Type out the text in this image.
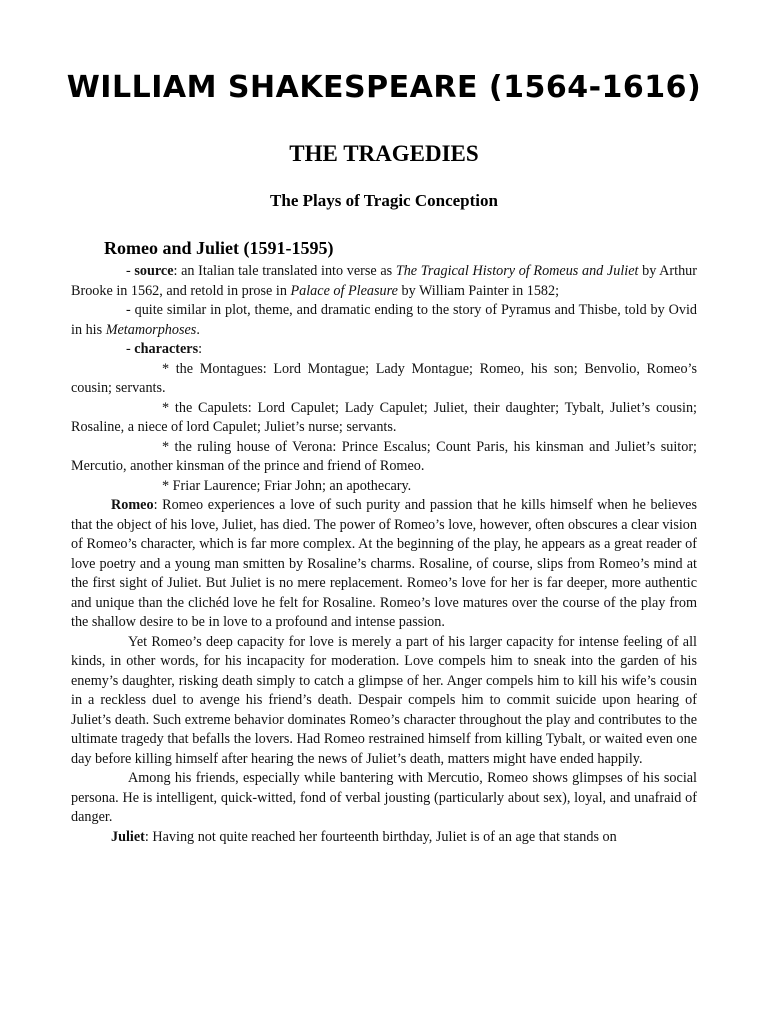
WILLIAM SHAKESPEARE (1564-1616)
THE TRAGEDIES
The Plays of Tragic Conception
Romeo and Juliet (1591-1595)

- source: an Italian tale translated into verse as The Tragical History of Romeus and Juliet by Arthur Brooke in 1562, and retold in prose in Palace of Pleasure by William Painter in 1582;

- quite similar in plot, theme, and dramatic ending to the story of Pyramus and Thisbe, told by Ovid in his Metamorphoses.

- characters:

* the Montagues: Lord Montague; Lady Montague; Romeo, his son; Benvolio, Romeo’s cousin; servants.

* the Capulets: Lord Capulet; Lady Capulet; Juliet, their daughter; Tybalt, Juliet’s cousin; Rosaline, a niece of lord Capulet; Juliet’s nurse; servants.

* the ruling house of Verona: Prince Escalus; Count Paris, his kinsman and Juliet’s suitor; Mercutio, another kinsman of the prince and friend of Romeo.

* Friar Laurence; Friar John; an apothecary.

Romeo: Romeo experiences a love of such purity and passion that he kills himself when he believes that the object of his love, Juliet, has died. The power of Romeo’s love, however, often obscures a clear vision of Romeo’s character, which is far more complex. At the beginning of the play, he appears as a great reader of love poetry and a young man smitten by Rosaline’s charms. Rosaline, of course, slips from Romeo’s mind at the first sight of Juliet. But Juliet is no mere replacement. Romeo’s love for her is far deeper, more authentic and unique than the clichéd love he felt for Rosaline. Romeo’s love matures over the course of the play from the shallow desire to be in love to a profound and intense passion.

Yet Romeo’s deep capacity for love is merely a part of his larger capacity for intense feeling of all kinds, in other words, for his incapacity for moderation. Love compels him to sneak into the garden of his enemy’s daughter, risking death simply to catch a glimpse of her. Anger compels him to kill his wife’s cousin in a reckless duel to avenge his friend’s death. Despair compels him to commit suicide upon hearing of Juliet’s death. Such extreme behavior dominates Romeo’s character throughout the play and contributes to the ultimate tragedy that befalls the lovers. Had Romeo restrained himself from killing Tybalt, or waited even one day before killing himself after hearing the news of Juliet’s death, matters might have ended happily.

Among his friends, especially while bantering with Mercutio, Romeo shows glimpses of his social persona. He is intelligent, quick-witted, fond of verbal jousting (particularly about sex), loyal, and unafraid of danger.

Juliet: Having not quite reached her fourteenth birthday, Juliet is of an age that stands on
